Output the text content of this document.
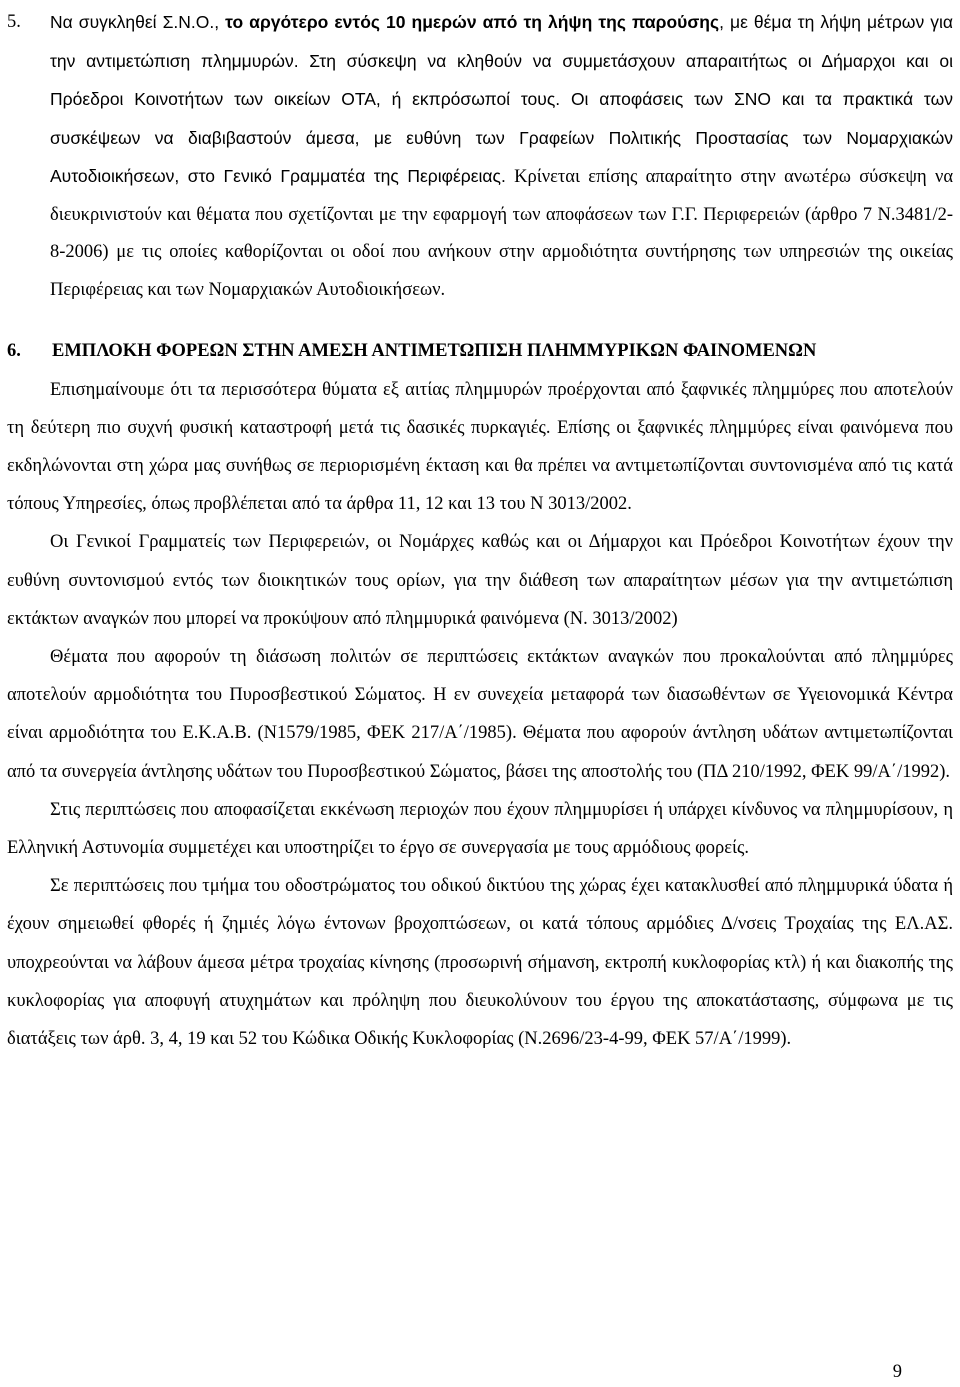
5. Να συγκληθεί Σ.Ν.Ο., το αργότερο εντός 10 ημερών από τη λήψη της παρούσης, με θέμα τη λήψη μέτρων για την αντιμετώπιση πλημμυρών. Στη σύσκεψη να κληθούν να συμμετάσχουν απαραιτήτως οι Δήμαρχοι και οι Πρόεδροι Κοινοτήτων των οικείων ΟΤΑ, ή εκπρόσωποί τους. Οι αποφάσεις των ΣΝΟ και τα πρακτικά των συσκέψεων να διαβιβαστούν άμεσα, με ευθύνη των Γραφείων Πολιτικής Προστασίας των Νομαρχιακών Αυτοδιοικήσεων, στο Γενικό Γραμματέα της Περιφέρειας. Κρίνεται επίσης απαραίτητο στην ανωτέρω σύσκεψη να διευκρινιστούν και θέματα που σχετίζονται με την εφαρμογή των αποφάσεων των Γ.Γ. Περιφερειών (άρθρο 7 Ν.3481/2-8-2006) με τις οποίες καθορίζονται οι οδοί που ανήκουν στην αρμοδιότητα συντήρησης των υπηρεσιών της οικείας Περιφέρειας και των Νομαρχιακών Αυτοδιοικήσεων.

6. ΕΜΠΛΟΚΗ ΦΟΡΕΩΝ ΣΤΗΝ ΑΜΕΣΗ ΑΝΤΙΜΕΤΩΠΙΣΗ ΠΛΗΜΜΥΡΙΚΩΝ ΦΑΙΝΟΜΕΝΩΝ

Επισημαίνουμε ότι τα περισσότερα θύματα εξ αιτίας πλημμυρών προέρχονται από ξαφνικές πλημμύρες που αποτελούν τη δεύτερη πιο συχνή φυσική καταστροφή μετά τις δασικές πυρκαγιές. Επίσης οι ξαφνικές πλημμύρες είναι φαινόμενα που εκδηλώνονται στη χώρα μας συνήθως σε περιορισμένη έκταση και θα πρέπει να αντιμετωπίζονται συντονισμένα από τις κατά τόπους Υπηρεσίες, όπως προβλέπεται από τα άρθρα 11, 12 και 13 του Ν 3013/2002.

Οι Γενικοί Γραμματείς των Περιφερειών, οι Νομάρχες καθώς και οι Δήμαρχοι και Πρόεδροι Κοινοτήτων έχουν την ευθύνη συντονισμού εντός των διοικητικών τους ορίων, για την διάθεση των απαραίτητων μέσων για την αντιμετώπιση εκτάκτων αναγκών που μπορεί να προκύψουν από πλημμυρικά φαινόμενα (Ν. 3013/2002)

Θέματα που αφορούν τη διάσωση πολιτών σε περιπτώσεις εκτάκτων αναγκών που προκαλούνται από πλημμύρες αποτελούν αρμοδιότητα του Πυροσβεστικού Σώματος. Η εν συνεχεία μεταφορά των διασωθέντων σε Υγειονομικά Κέντρα είναι αρμοδιότητα του Ε.Κ.Α.Β. (Ν1579/1985, ΦΕΚ 217/Α΄/1985). Θέματα που αφορούν άντληση υδάτων αντιμετωπίζονται από τα συνεργεία άντλησης υδάτων του Πυροσβεστικού Σώματος, βάσει της αποστολής του (ΠΔ 210/1992, ΦΕΚ 99/Α΄/1992).

Στις περιπτώσεις που αποφασίζεται εκκένωση περιοχών που έχουν πλημμυρίσει ή υπάρχει κίνδυνος να πλημμυρίσουν, η Ελληνική Αστυνομία συμμετέχει και υποστηρίζει το έργο σε συνεργασία με τους αρμόδιους φορείς.

Σε περιπτώσεις που τμήμα του οδοστρώματος του οδικού δικτύου της χώρας έχει κατακλυσθεί από πλημμυρικά ύδατα ή έχουν σημειωθεί φθορές ή ζημιές λόγω έντονων βροχοπτώσεων, οι κατά τόπους αρμόδιες Δ/νσεις Τροχαίας της ΕΛ.ΑΣ. υποχρεούνται να λάβουν άμεσα μέτρα τροχαίας κίνησης (προσωρινή σήμανση, εκτροπή κυκλοφορίας κτλ) ή και διακοπής της κυκλοφορίας για αποφυγή ατυχημάτων και πρόληψη που διευκολύνουν του έργου της αποκατάστασης, σύμφωνα με τις διατάξεις των άρθ. 3, 4, 19 και 52 του Κώδικα Οδικής Κυκλοφορίας (Ν.2696/23-4-99, ΦΕΚ 57/Α΄/1999).

9
